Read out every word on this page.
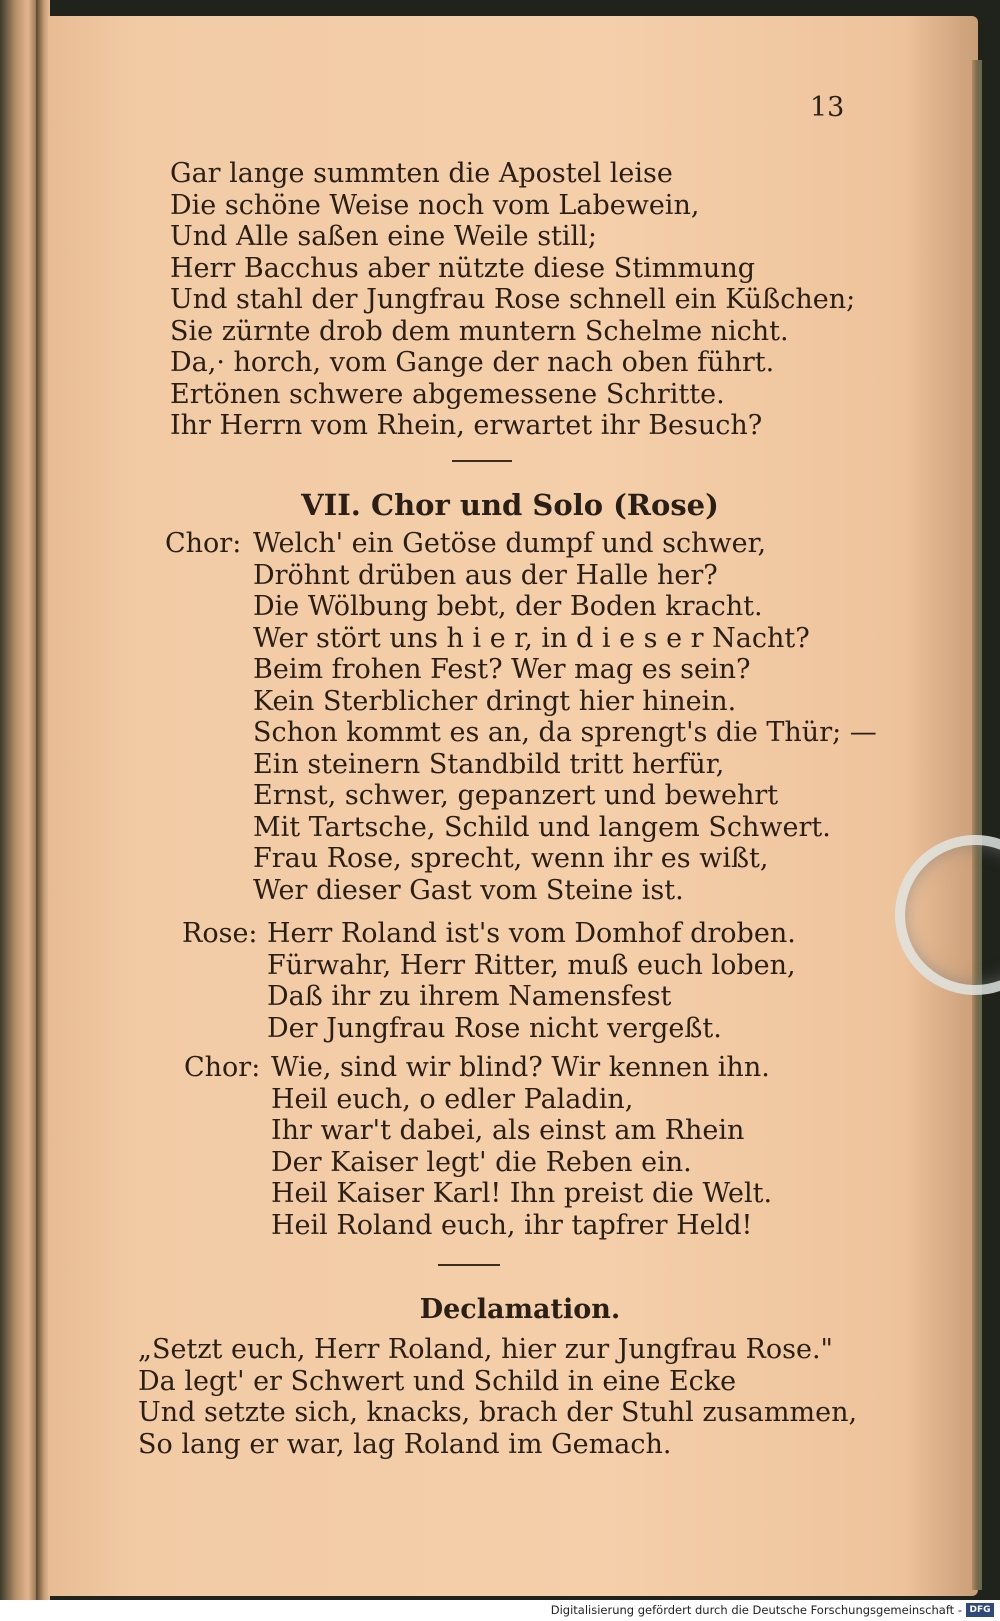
13
Gar lange summten die Apostel leise
Die schöne Weise noch vom Labewein,
Und Alle saßen eine Weile still;
Herr Bacchus aber nützte diese Stimmung
Und stahl der Jungfrau Rose schnell ein Küßchen;
Sie zürnte drob dem muntern Schelme nicht.
Da,· horch, vom Gange der nach oben führt.
Ertönen schwere abgemessene Schritte.
Ihr Herrn vom Rhein, erwartet ihr Besuch?
VII. Chor und Solo (Rose)
Chor: Welch' ein Getöse dumpf und schwer,
Dröhnt drüben aus der Halle her?
Die Wölbung bebt, der Boden kracht.
Wer stört uns h i e r, in d i e s e r Nacht?
Beim frohen Fest? Wer mag es sein?
Kein Sterblicher dringt hier hinein.
Schon kommt es an, da sprengt's die Thür; —
Ein steinern Standbild tritt herfür,
Ernst, schwer, gepanzert und bewehrt
Mit Tartsche, Schild und langem Schwert.
Frau Rose, sprecht, wenn ihr es wißt,
Wer dieser Gast vom Steine ist.
Rose: Herr Roland ist's vom Domhof droben.
Fürwahr, Herr Ritter, muß euch loben,
Daß ihr zu ihrem Namensfest
Der Jungfrau Rose nicht vergeßt.
Chor: Wie, sind wir blind? Wir kennen ihn.
Heil euch, o edler Paladin,
Ihr war't dabei, als einst am Rhein
Der Kaiser legt' die Reben ein.
Heil Kaiser Karl! Ihn preist die Welt.
Heil Roland euch, ihr tapfrer Held!
Declamation.
„Setzt euch, Herr Roland, hier zur Jungfrau Rose."
Da legt' er Schwert und Schild in eine Ecke
Und setzte sich, knacks, brach der Stuhl zusammen,
So lang er war, lag Roland im Gemach.
Digitalisierung gefördert durch die Deutsche Forschungsgemeinschaft - DFG
